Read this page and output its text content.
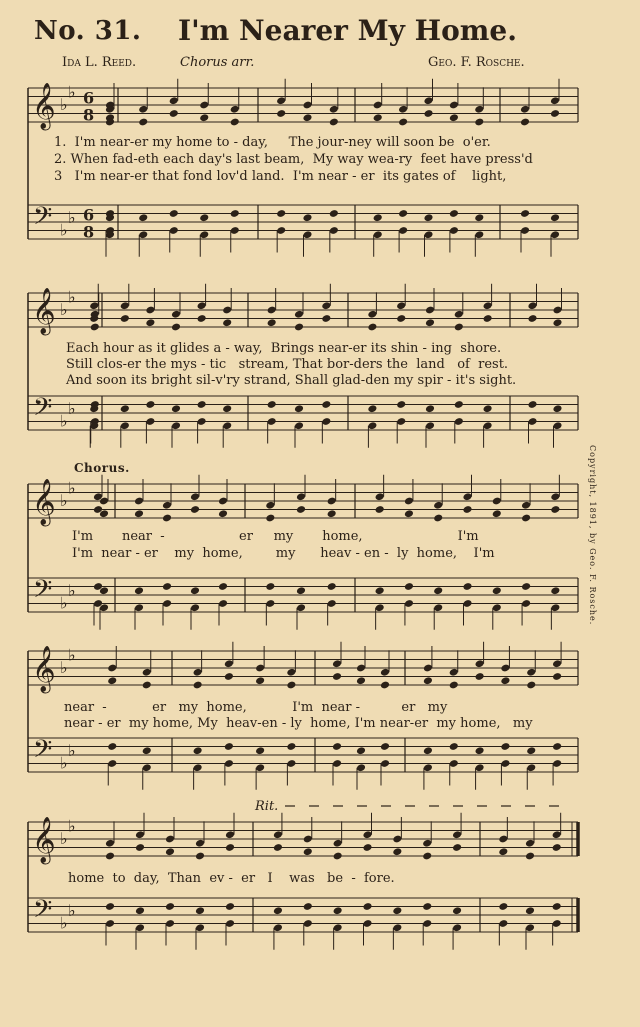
No. 31. I'm Nearer My Home.
Ida L. Reed.	Chorus arr.	Geo. F. Rosche.
𝄞
𝄢
♭
♭
♭
♭
6
8
6
8
𝄞
𝄢
♭
♭
♭
♭
𝄞
𝄢
♭
♭
♭
♭
𝄞
𝄢
♭
♭
♭
♭
𝄞
𝄢
♭
♭
♭
♭
1.  I'm near-er my home to - day,     The jour-ney will soon be  o'er.
2. When fad-eth each day's last beam,  My way wea-ry  feet have press'd
3   I'm near-er that fond lov'd land.  I'm near - er  its gates of    light,
Each hour as it glides a - way,  Brings near-er its shin - ing  shore.
Still clos-er the mys - tic   stream, That bor-ders the  land   of  rest.
And soon its bright sil-v'ry strand, Shall glad-den my spir - it's sight.
Chorus.	Copyright, 1891, by Geo. F. Rosche.
I'm       near  -                  er     my       home,                       I'm
I'm  near - er    my  home,        my      heav - en -  ly  home,    I'm
near  -           er   my  home,           I'm  near -          er   my
near - er  my home, My  heav-en - ly  home, I'm near-er  my home,   my
Rit.
home  to  day,  Than  ev -  er   I    was   be  -  fore.
